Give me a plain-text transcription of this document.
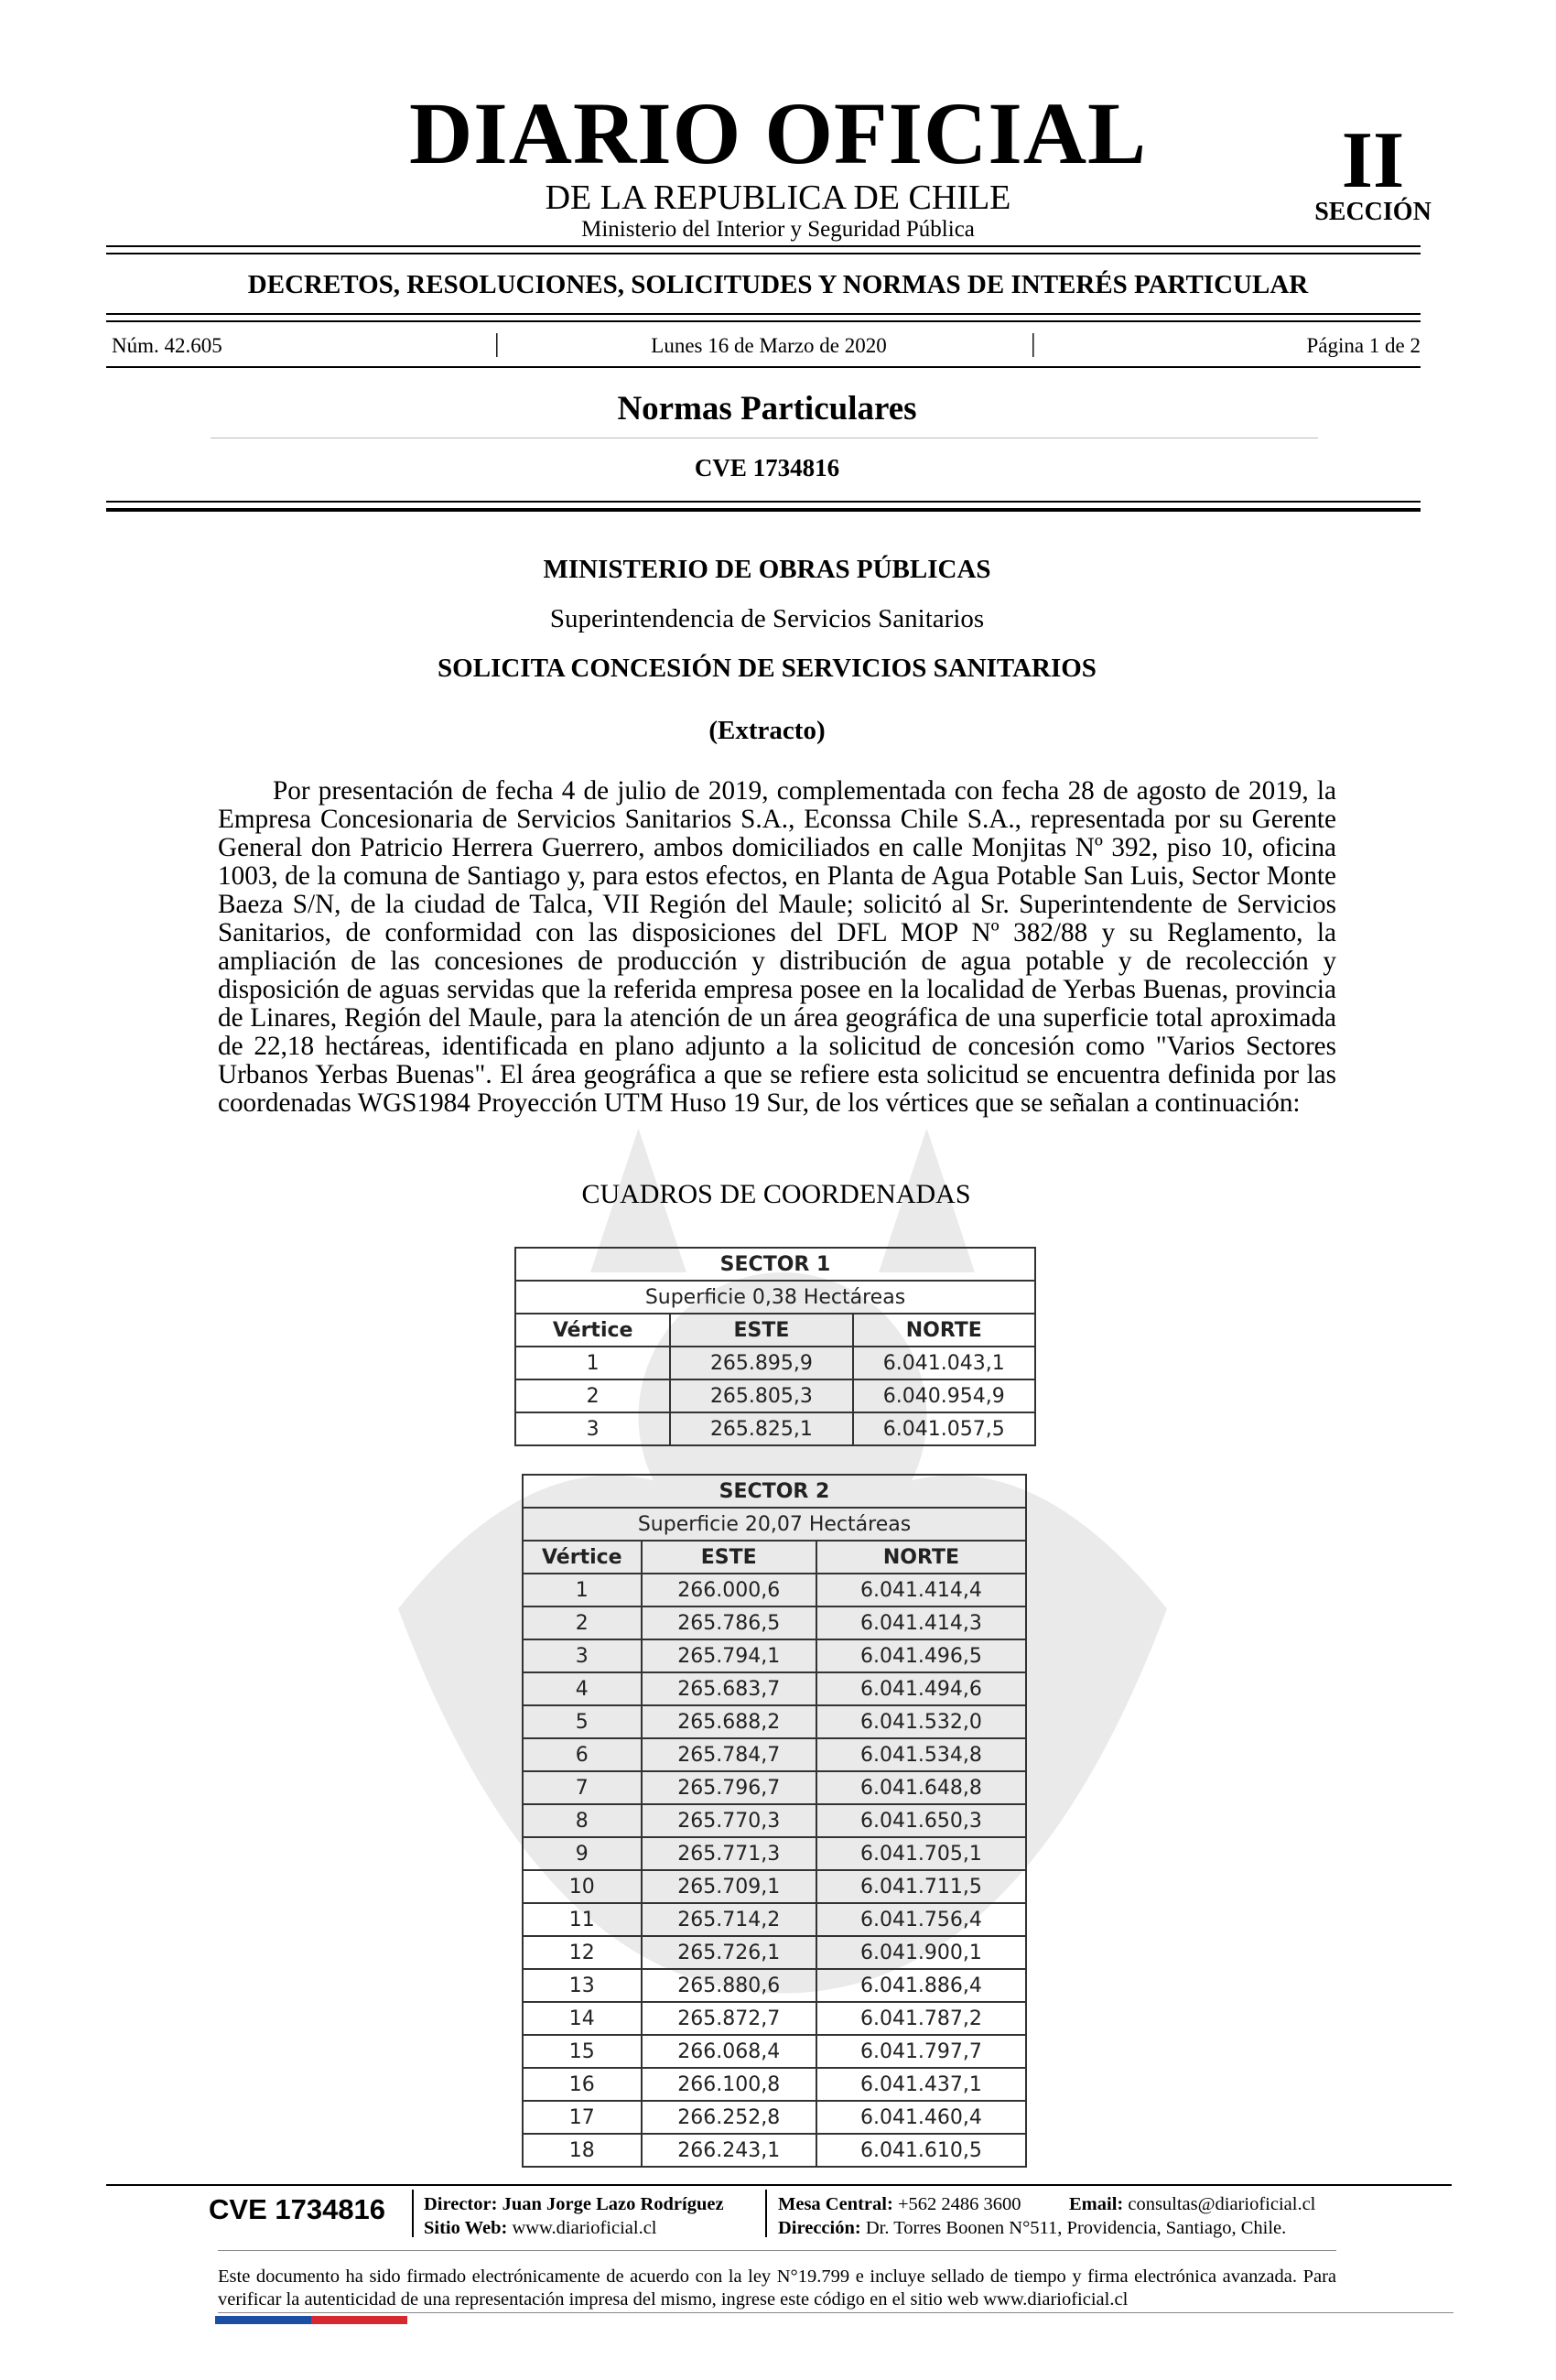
DIARIO OFICIAL
DE LA REPUBLICA DE CHILE
Ministerio del Interior y Seguridad Pública
II
SECCIÓN
DECRETOS, RESOLUCIONES, SOLICITUDES Y NORMAS DE INTERÉS PARTICULAR
Núm. 42.605	|	Lunes 16 de Marzo de 2020	|	Página 1 de 2
Normas Particulares
CVE 1734816
MINISTERIO DE OBRAS PÚBLICAS
Superintendencia de Servicios Sanitarios
SOLICITA CONCESIÓN DE SERVICIOS SANITARIOS
(Extracto)

Por presentación de fecha 4 de julio de 2019, complementada con fecha 28 de agosto de 2019, la Empresa Concesionaria de Servicios Sanitarios S.A., Econssa Chile S.A., representada por su Gerente General don Patricio Herrera Guerrero, ambos domiciliados en calle Monjitas Nº 392, piso 10, oficina 1003, de la comuna de Santiago y, para estos efectos, en Planta de Agua Potable San Luis, Sector Monte Baeza S/N, de la ciudad de Talca, VII Región del Maule; solicitó al Sr. Superintendente de Servicios Sanitarios, de conformidad con las disposiciones del DFL MOP Nº 382/88 y su Reglamento, la ampliación de las concesiones de producción y distribución de agua potable y de recolección y disposición de aguas servidas que la referida empresa posee en la localidad de Yerbas Buenas, provincia de Linares, Región del Maule, para la atención de un área geográfica de una superficie total aproximada de 22,18 hectáreas, identificada en plano adjunto a la solicitud de concesión como "Varios Sectores Urbanos Yerbas Buenas". El área geográfica a que se refiere esta solicitud se encuentra definida por las coordenadas WGS1984 Proyección UTM Huso 19 Sur, de los vértices que se señalan a continuación:

CUADROS DE COORDENADAS
SECTOR 1		
Superficie 0,38 Hectáreas		
Vértice	ESTE	NORTE
1	265.895,9	6.041.043,1
2	265.805,3	6.040.954,9
3	265.825,1	6.041.057,5
SECTOR 2		
Superficie 20,07 Hectáreas		
Vértice	ESTE	NORTE
1	266.000,6	6.041.414,4
2	265.786,5	6.041.414,3
3	265.794,1	6.041.496,5
4	265.683,7	6.041.494,6
5	265.688,2	6.041.532,0
6	265.784,7	6.041.534,8
7	265.796,7	6.041.648,8
8	265.770,3	6.041.650,3
9	265.771,3	6.041.705,1
10	265.709,1	6.041.711,5
11	265.714,2	6.041.756,4
12	265.726,1	6.041.900,1
13	265.880,6	6.041.886,4
14	265.872,7	6.041.787,2
15	266.068,4	6.041.797,7
16	266.100,8	6.041.437,1
17	266.252,8	6.041.460,4
18	266.243,1	6.041.610,5
CVE 1734816 Director: Juan Jorge Lazo Rodríguez
Sitio Web: www.diarioficial.cl
Mesa Central: +562 2486 3600	Email: consultas@diarioficial.cl
Dirección: Dr. Torres Boonen N°511, Providencia, Santiago, Chile.
Este documento ha sido firmado electrónicamente de acuerdo con la ley N°19.799 e incluye sellado de tiempo y firma electrónica avanzada. Para verificar la autenticidad de una representación impresa del mismo, ingrese este código en el sitio web www.diarioficial.cl
